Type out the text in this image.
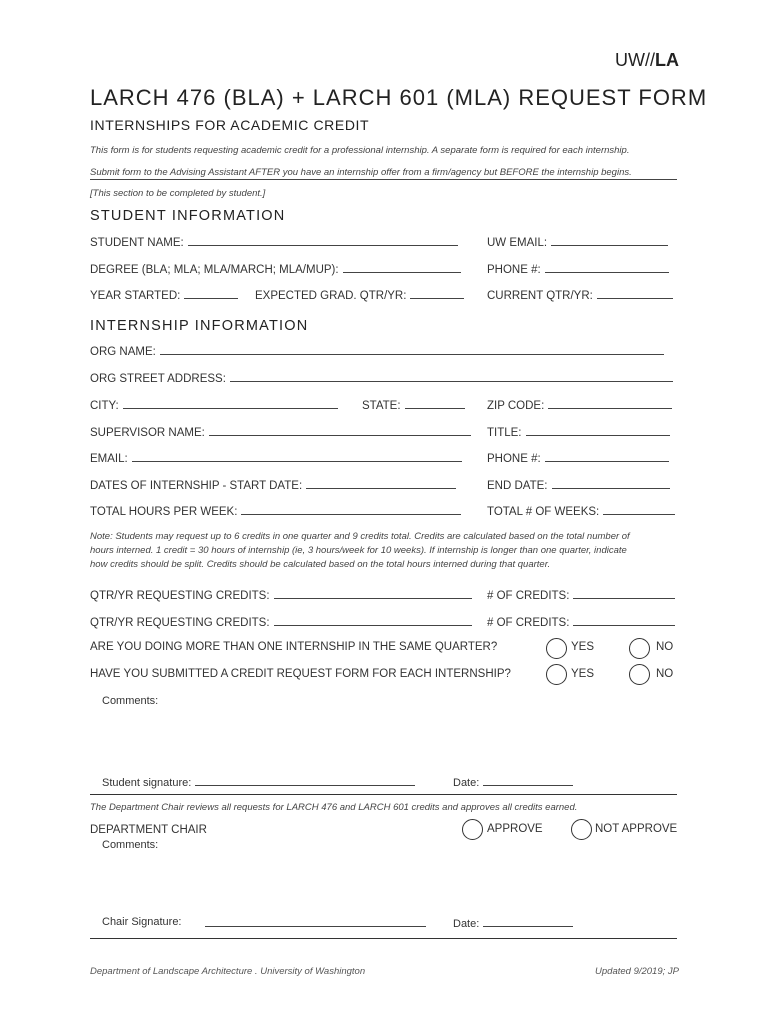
UW//LA
LARCH 476 (BLA) + LARCH 601 (MLA) REQUEST FORM
INTERNSHIPS FOR ACADEMIC CREDIT
This form is for students requesting academic credit for a professional internship. A separate form is required for each internship.
Submit form to the Advising Assistant AFTER you have an internship offer from a firm/agency but BEFORE the internship begins.
[This section to be completed by student.]
STUDENT INFORMATION
STUDENT NAME:	UW EMAIL:
DEGREE (BLA; MLA; MLA/MARCH; MLA/MUP):	PHONE #:
YEAR STARTED:	EXPECTED GRAD. QTR/YR:	CURRENT QTR/YR:
INTERNSHIP INFORMATION
ORG NAME:
ORG STREET ADDRESS:
CITY:	STATE:	ZIP CODE:
SUPERVISOR NAME:	TITLE:
EMAIL:	PHONE #:
DATES OF INTERNSHIP - START DATE:	END DATE:
TOTAL HOURS PER WEEK:	TOTAL # OF WEEKS:
Note: Students may request up to 6 credits in one quarter and 9 credits total. Credits are calculated based on the total number of
hours interned. 1 credit = 30 hours of internship (ie, 3 hours/week for 10 weeks). If internship is longer than one quarter, indicate
how credits should be split. Credits should be calculated based on the total hours interned during that quarter.
QTR/YR REQUESTING CREDITS:	# OF CREDITS:
QTR/YR REQUESTING CREDITS:	# OF CREDITS:
ARE YOU DOING MORE THAN ONE INTERNSHIP IN THE SAME QUARTER?	YES	NO
HAVE YOU SUBMITTED A CREDIT REQUEST FORM FOR EACH INTERNSHIP?	YES	NO
Comments:
Student signature:	Date:
The Department Chair reviews all requests for LARCH 476 and LARCH 601 credits and approves all credits earned.
DEPARTMENT CHAIR
Comments:
APPROVE	NOT APPROVE
Chair Signature:	Date:
Department of Landscape Architecture . University of Washington	Updated 9/2019; JP
